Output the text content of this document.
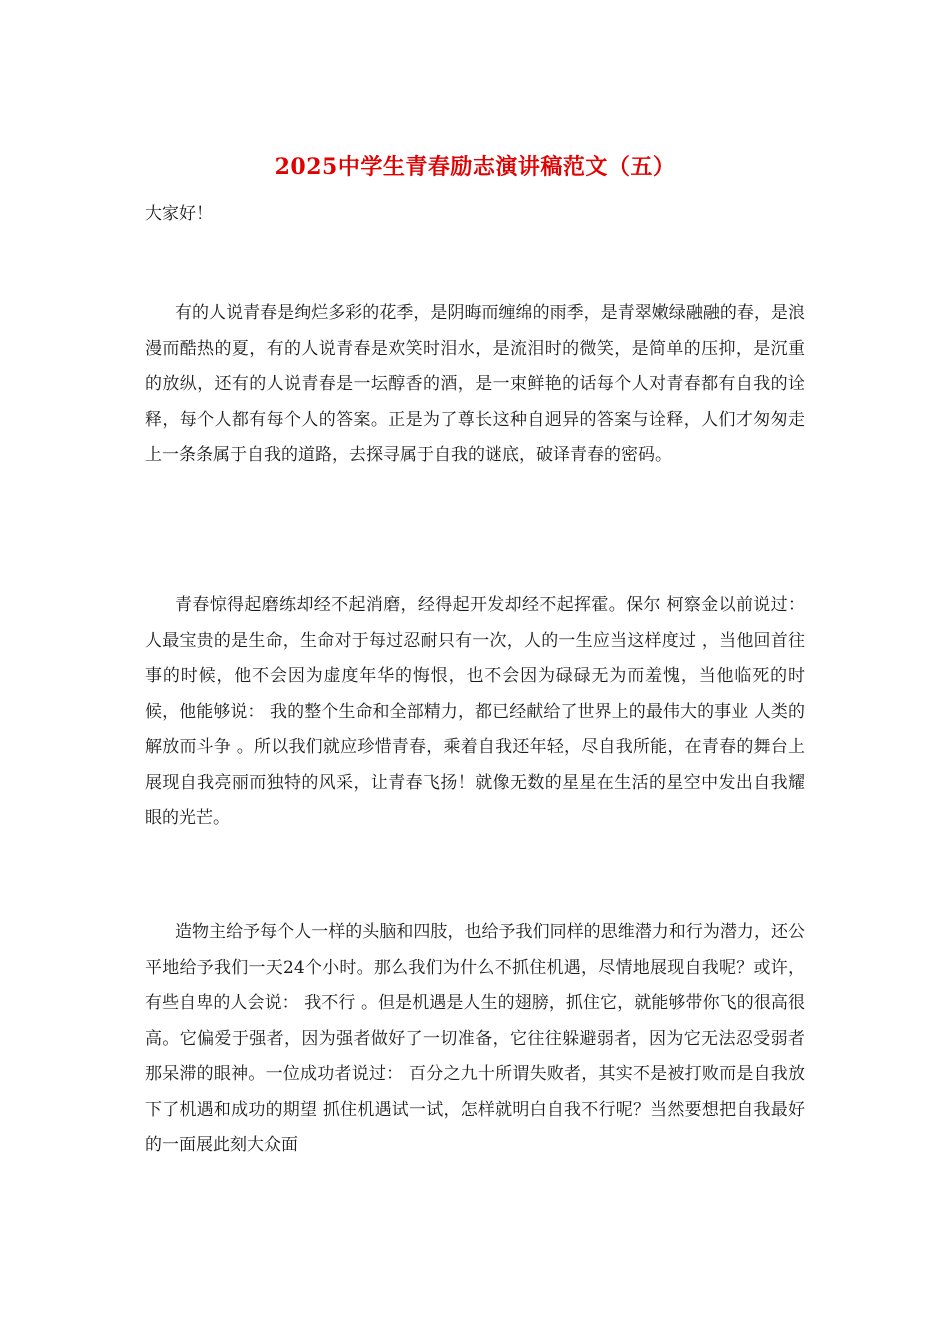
2025中学生青春励志演讲稿范文（五）
大家好！

有的人说青春是绚烂多彩的花季，是阴晦而缠绵的雨季，是青翠嫩绿融融的春，是浪漫而酷热的夏，有的人说青春是欢笑时泪水，是流泪时的微笑，是简单的压抑，是沉重的放纵，还有的人说青春是一坛醇香的酒，是一束鲜艳的话每个人对青春都有自我的诠释，每个人都有每个人的答案。正是为了尊长这种自迥异的答案与诠释，人们才匆匆走上一条条属于自我的道路，去探寻属于自我的谜底，破译青春的密码。

青春惊得起磨练却经不起消磨，经得起开发却经不起挥霍。保尔 柯察金以前说过： 人最宝贵的是生命，生命对于每过忍耐只有一次，人的一生应当这样度过 ，当他回首往事的时候，他不会因为虚度年华的悔恨，也不会因为碌碌无为而羞愧，当他临死的时候，他能够说： 我的整个生命和全部精力，都已经献给了世界上的最伟大的事业 人类的解放而斗争 。所以我们就应珍惜青春，乘着自我还年轻，尽自我所能，在青春的舞台上展现自我亮丽而独特的风采，让青春飞扬！就像无数的星星在生活的星空中发出自我耀眼的光芒。

造物主给予每个人一样的头脑和四肢，也给予我们同样的思维潜力和行为潜力，还公平地给予我们一天24个小时。那么我们为什么不抓住机遇，尽情地展现自我呢？或许，有些自卑的人会说： 我不行 。但是机遇是人生的翅膀，抓住它，就能够带你飞的很高很高。它偏爱于强者，因为强者做好了一切准备，它往往躲避弱者，因为它无法忍受弱者那呆滞的眼神。一位成功者说过： 百分之九十所谓失败者，其实不是被打败而是自我放下了机遇和成功的期望 抓住机遇试一试，怎样就明白自我不行呢？当然要想把自我最好的一面展此刻大众面
